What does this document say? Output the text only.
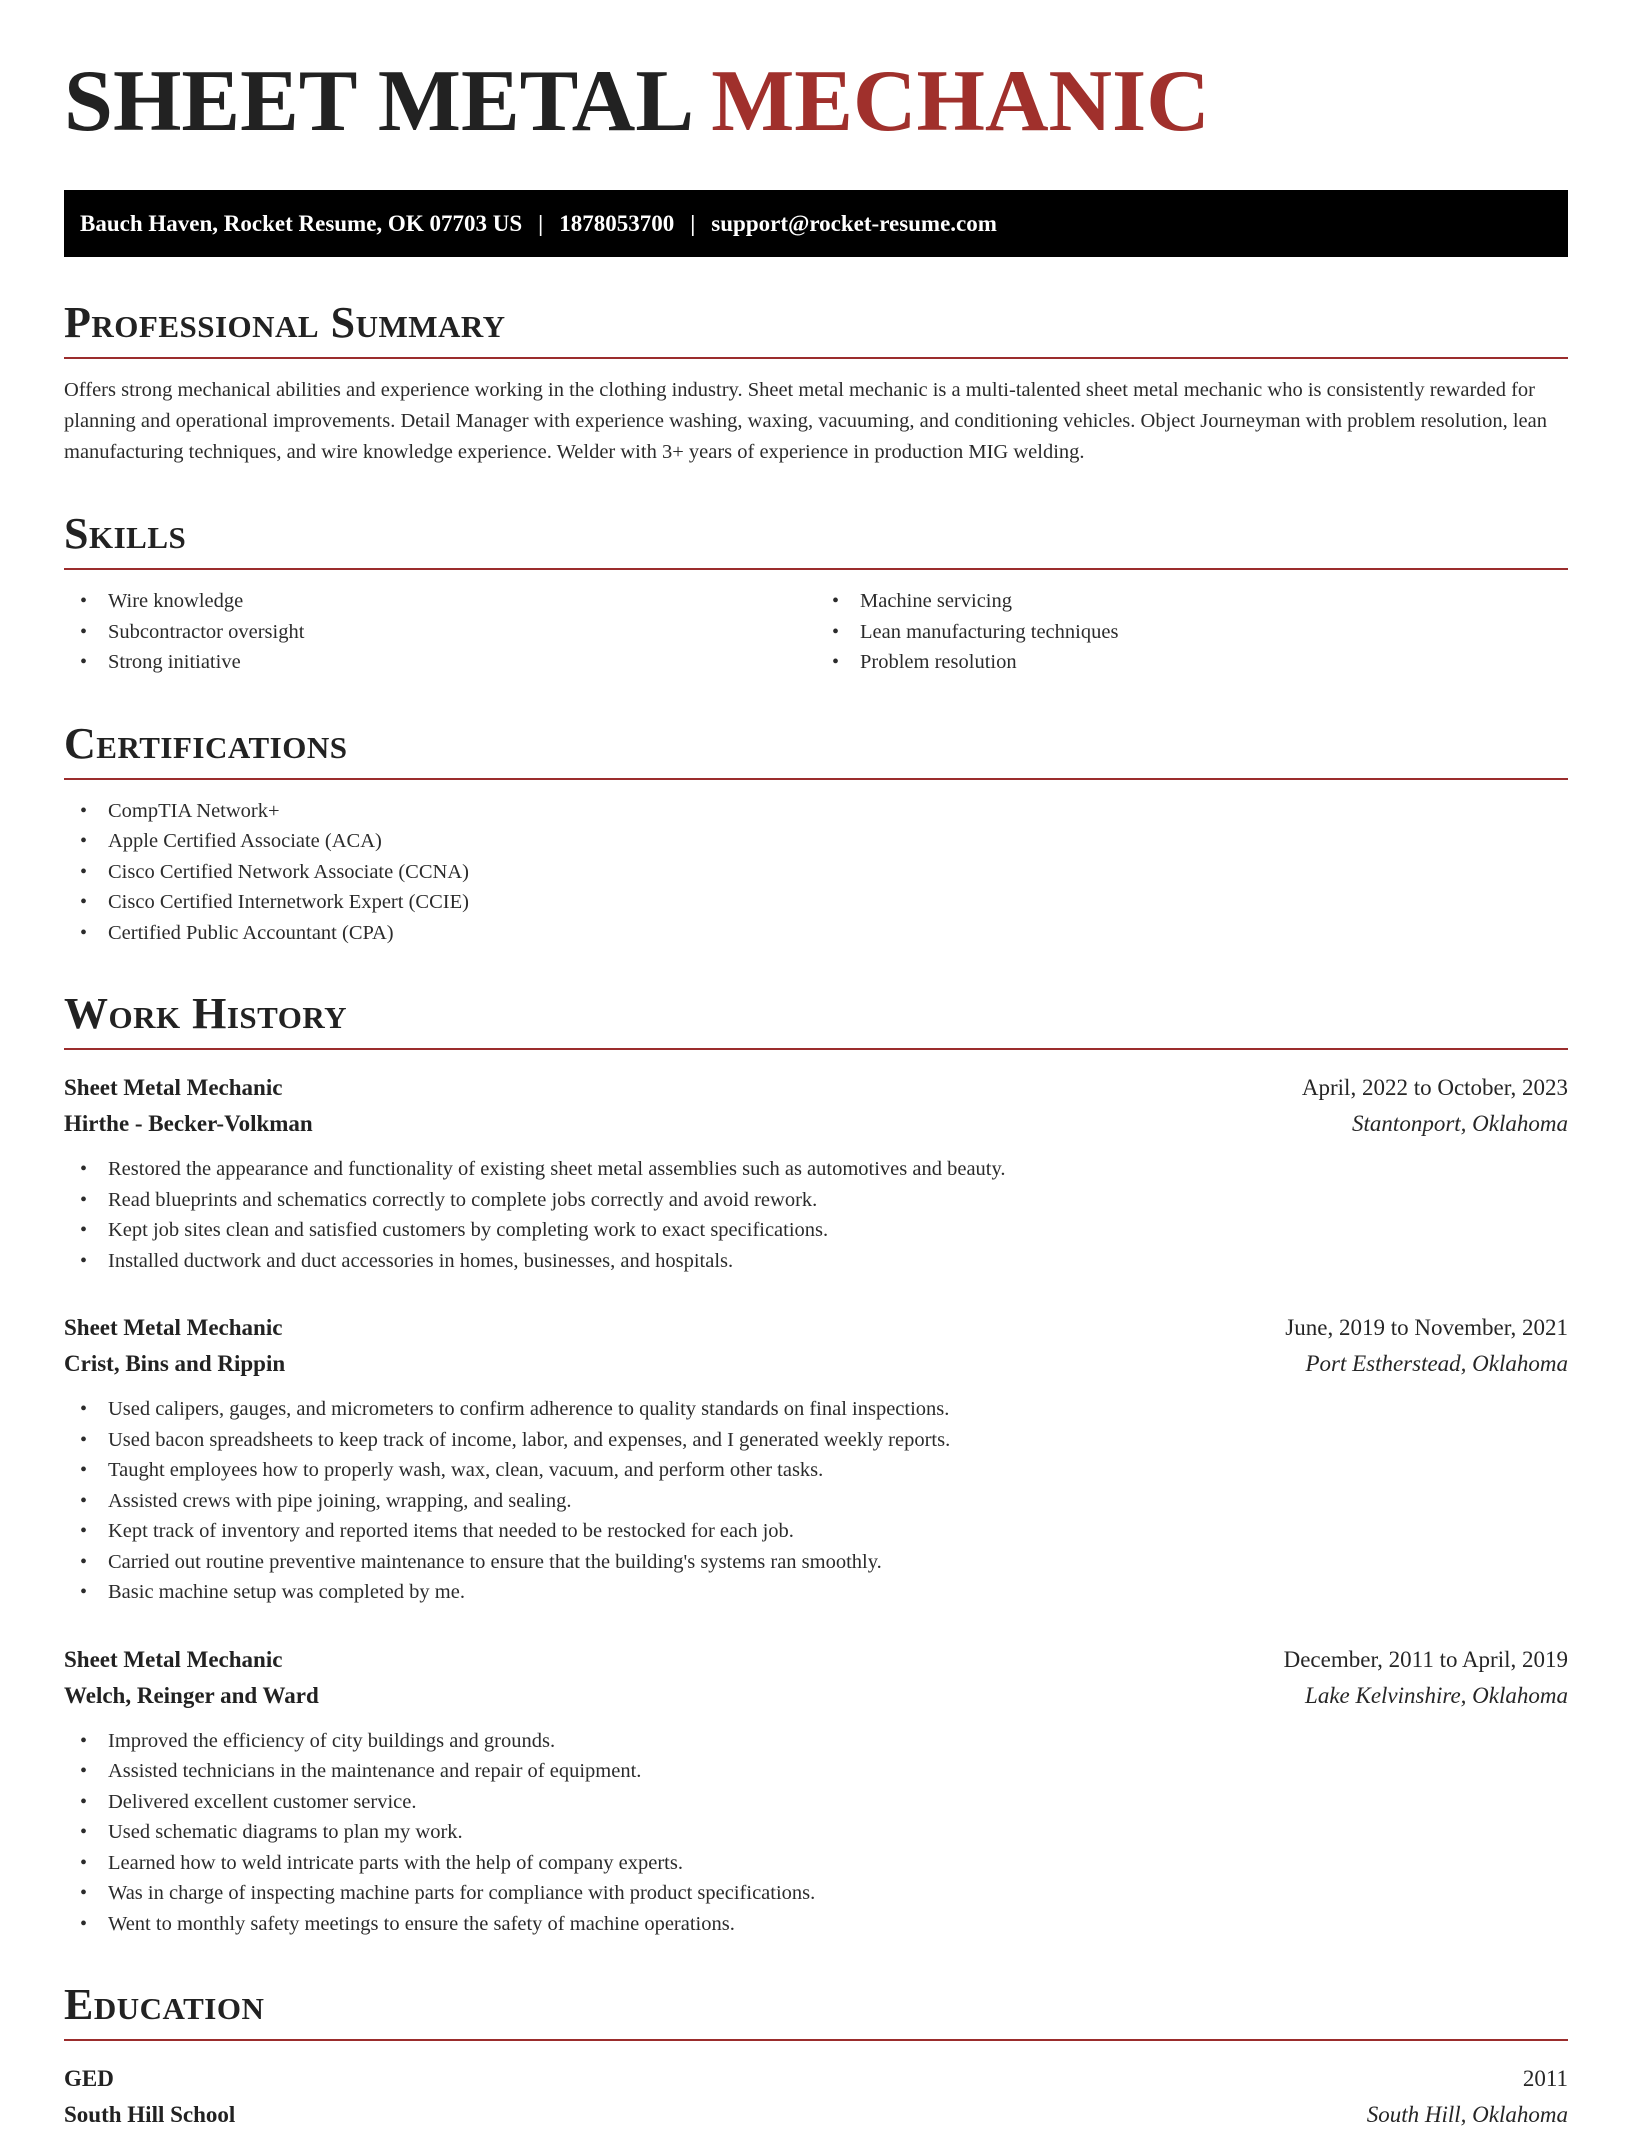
SHEET METAL MECHANIC
Bauch Haven, Rocket Resume, OK 07703 US | 1878053700 | support@rocket-resume.com
Professional Summary

Offers strong mechanical abilities and experience working in the clothing industry. Sheet metal mechanic is a multi-talented sheet metal mechanic who is consistently rewarded for planning and operational improvements. Detail Manager with experience washing, waxing, vacuuming, and conditioning vehicles. Object Journeyman with problem resolution, lean manufacturing techniques, and wire knowledge experience. Welder with 3+ years of experience in production MIG welding.

Skills
• Wire knowledge
• Subcontractor oversight
• Strong initiative
• Machine servicing
• Lean manufacturing techniques
• Problem resolution
Certifications
• CompTIA Network+
• Apple Certified Associate (ACA)
• Cisco Certified Network Associate (CCNA)
• Cisco Certified Internetwork Expert (CCIE)
• Certified Public Accountant (CPA)
Work History
Sheet Metal Mechanic	April, 2022 to October, 2023
Hirthe - Becker-Volkman	Stantonport, Oklahoma
• Restored the appearance and functionality of existing sheet metal assemblies such as automotives and beauty.
• Read blueprints and schematics correctly to complete jobs correctly and avoid rework.
• Kept job sites clean and satisfied customers by completing work to exact specifications.
• Installed ductwork and duct accessories in homes, businesses, and hospitals.
Sheet Metal Mechanic	June, 2019 to November, 2021
Crist, Bins and Rippin	Port Estherstead, Oklahoma
• Used calipers, gauges, and micrometers to confirm adherence to quality standards on final inspections.
• Used bacon spreadsheets to keep track of income, labor, and expenses, and I generated weekly reports.
• Taught employees how to properly wash, wax, clean, vacuum, and perform other tasks.
• Assisted crews with pipe joining, wrapping, and sealing.
• Kept track of inventory and reported items that needed to be restocked for each job.
• Carried out routine preventive maintenance to ensure that the building's systems ran smoothly.
• Basic machine setup was completed by me.
Sheet Metal Mechanic	December, 2011 to April, 2019
Welch, Reinger and Ward	Lake Kelvinshire, Oklahoma
• Improved the efficiency of city buildings and grounds.
• Assisted technicians in the maintenance and repair of equipment.
• Delivered excellent customer service.
• Used schematic diagrams to plan my work.
• Learned how to weld intricate parts with the help of company experts.
• Was in charge of inspecting machine parts for compliance with product specifications.
• Went to monthly safety meetings to ensure the safety of machine operations.
Education
GED	2011
South Hill School	South Hill, Oklahoma
